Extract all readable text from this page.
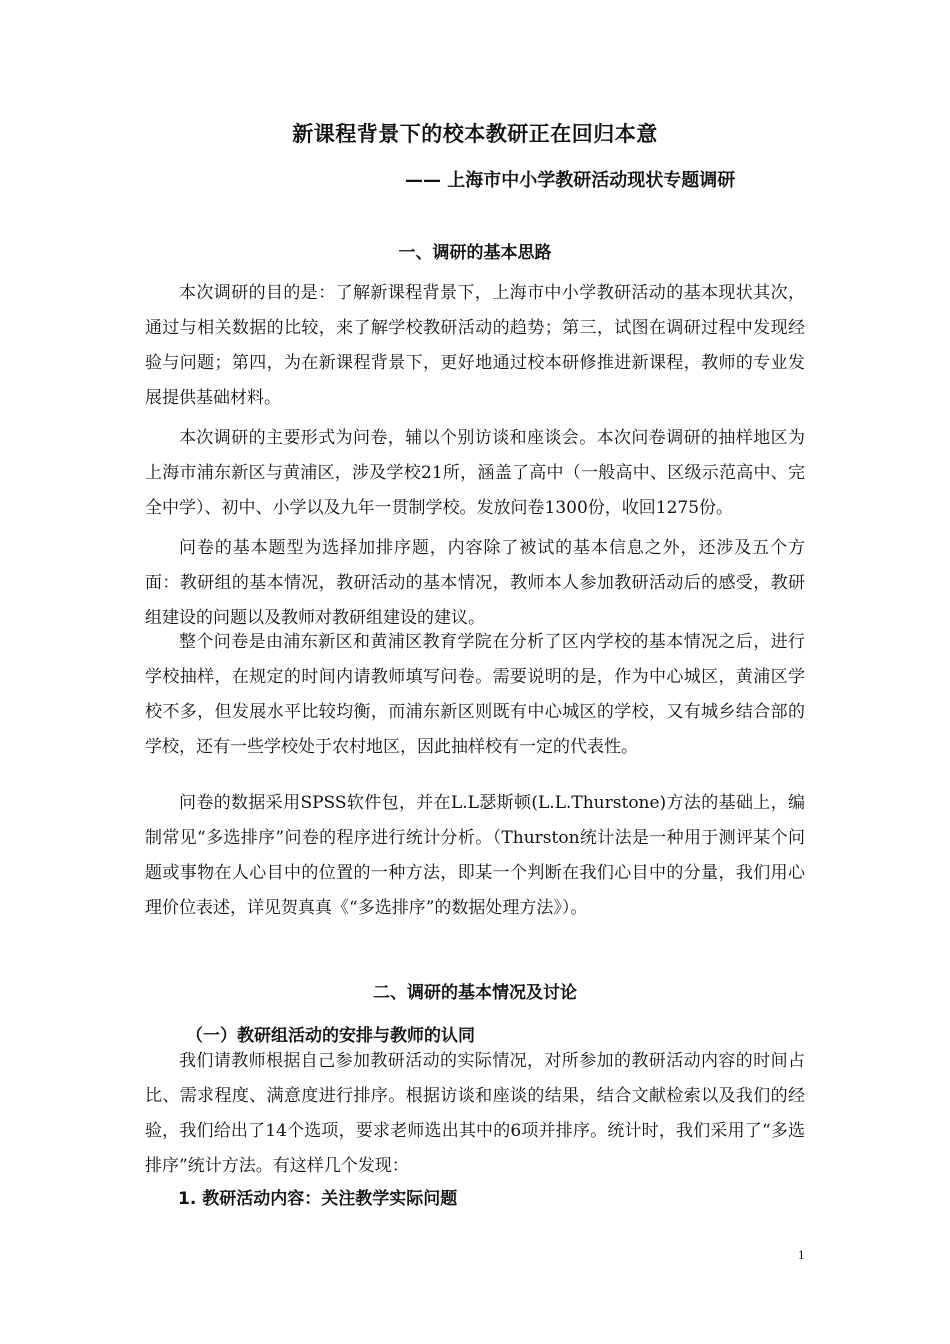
新课程背景下的校本教研正在回归本意
—— 上海市中小学教研活动现状专题调研
一、调研的基本思路

本次调研的目的是：了解新课程背景下，上海市中小学教研活动的基本现状其次，通过与相关数据的比较，来了解学校教研活动的趋势；第三，试图在调研过程中发现经验与问题；第四，为在新课程背景下，更好地通过校本研修推进新课程，教师的专业发展提供基础材料。

本次调研的主要形式为问卷，辅以个别访谈和座谈会。本次问卷调研的抽样地区为上海市浦东新区与黄浦区，涉及学校21所，涵盖了高中（一般高中、区级示范高中、完全中学）、初中、小学以及九年一贯制学校。发放问卷1300份，收回1275份。

问卷的基本题型为选择加排序题，内容除了被试的基本信息之外，还涉及五个方面：教研组的基本情况，教研活动的基本情况，教师本人参加教研活动后的感受，教研组建设的问题以及教师对教研组建设的建议。

整个问卷是由浦东新区和黄浦区教育学院在分析了区内学校的基本情况之后，进行学校抽样，在规定的时间内请教师填写问卷。需要说明的是，作为中心城区，黄浦区学校不多，但发展水平比较均衡，而浦东新区则既有中心城区的学校，又有城乡结合部的学校，还有一些学校处于农村地区，因此抽样校有一定的代表性。

问卷的数据采用SPSS软件包，并在L.L瑟斯顿(L.L.Thurstone)方法的基础上，编制常见“多选排序”问卷的程序进行统计分析。（Thurston统计法是一种用于测评某个问题或事物在人心目中的位置的一种方法，即某一个判断在我们心目中的分量，我们用心理价位表述，详见贺真真《“多选排序”的数据处理方法》）。

二、调研的基本情况及讨论
（一）教研组活动的安排与教师的认同

我们请教师根据自己参加教研活动的实际情况，对所参加的教研活动内容的时间占比、需求程度、满意度进行排序。根据访谈和座谈的结果，结合文献检索以及我们的经验，我们给出了14个选项，要求老师选出其中的6项并排序。统计时，我们采用了“多选排序”统计方法。有这样几个发现：

1. 教研活动内容：关注教学实际问题
1
